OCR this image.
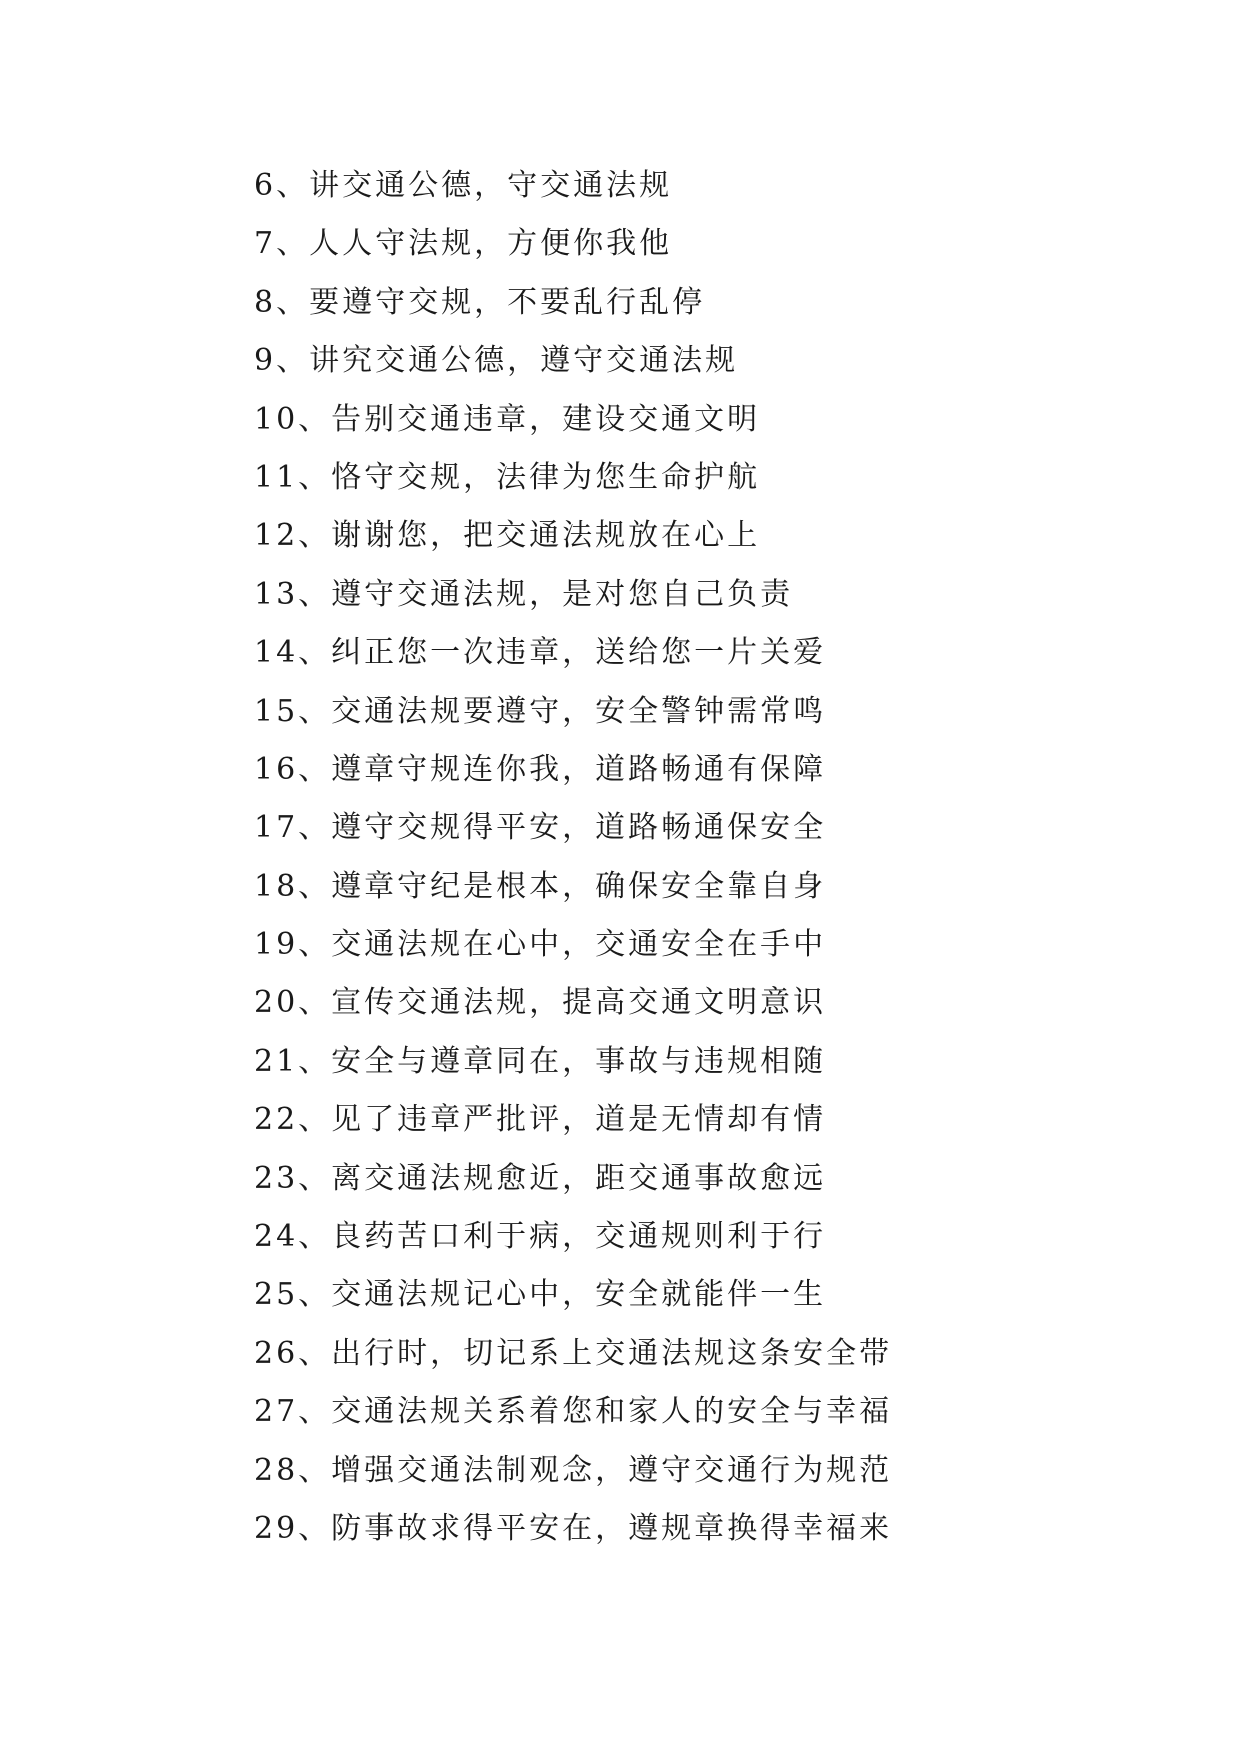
6、讲交通公德，守交通法规
7、人人守法规，方便你我他
8、要遵守交规，不要乱行乱停
9、讲究交通公德，遵守交通法规
10、告别交通违章，建设交通文明
11、恪守交规，法律为您生命护航
12、谢谢您，把交通法规放在心上
13、遵守交通法规，是对您自己负责
14、纠正您一次违章，送给您一片关爱
15、交通法规要遵守，安全警钟需常鸣
16、遵章守规连你我，道路畅通有保障
17、遵守交规得平安，道路畅通保安全
18、遵章守纪是根本，确保安全靠自身
19、交通法规在心中，交通安全在手中
20、宣传交通法规，提高交通文明意识
21、安全与遵章同在，事故与违规相随
22、见了违章严批评，道是无情却有情
23、离交通法规愈近，距交通事故愈远
24、良药苦口利于病，交通规则利于行
25、交通法规记心中，安全就能伴一生
26、出行时，切记系上交通法规这条安全带
27、交通法规关系着您和家人的安全与幸福
28、增强交通法制观念，遵守交通行为规范
29、防事故求得平安在，遵规章换得幸福来
